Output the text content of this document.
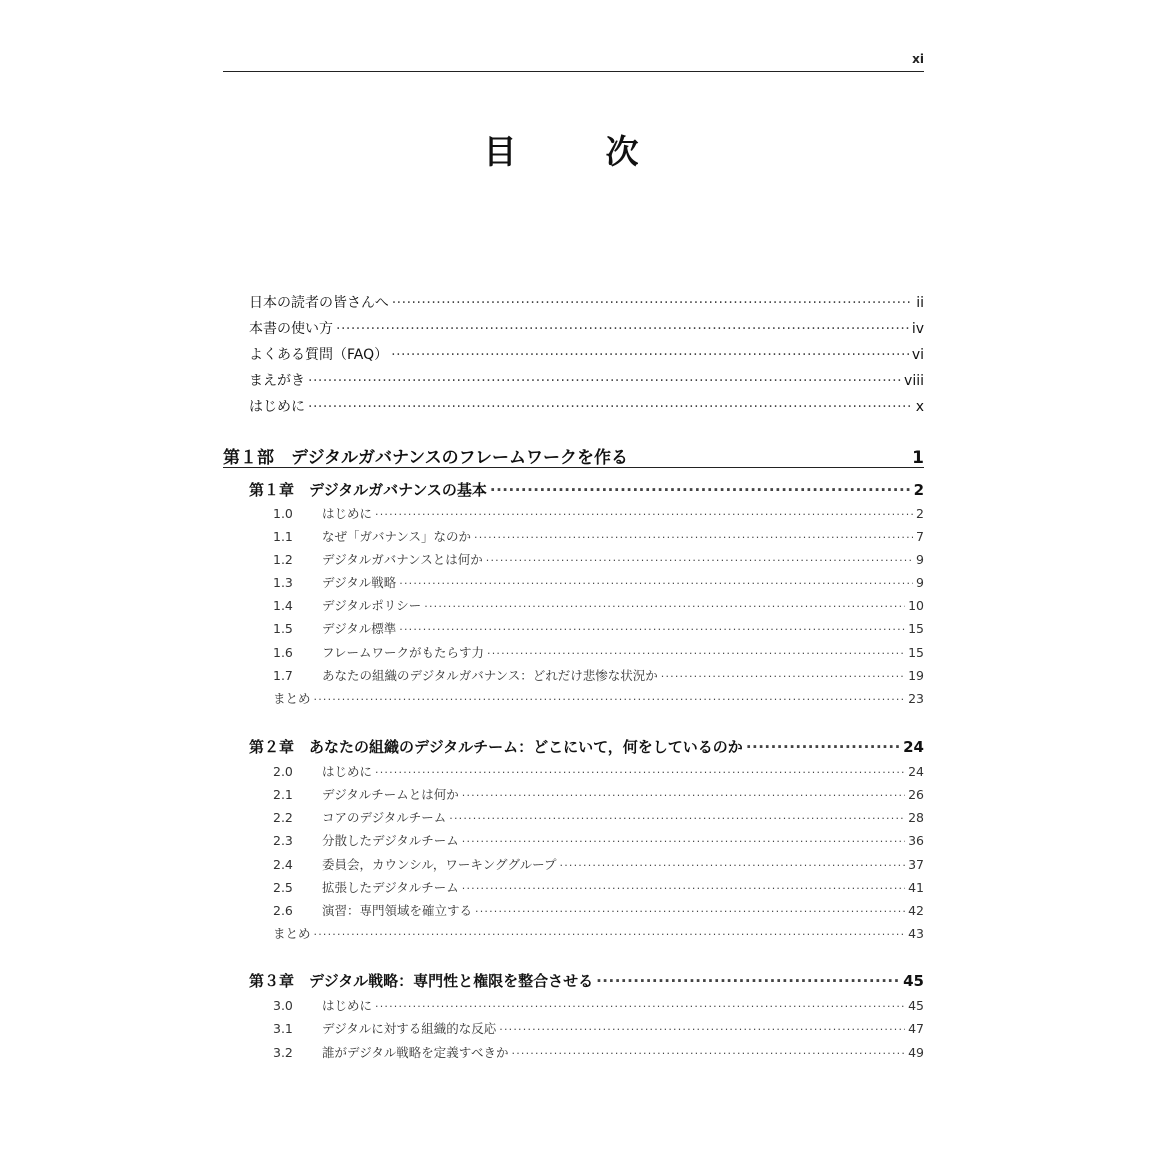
xi
目　次
日本の読者の皆さんへ .....	ii
本書の使い方 .....	iv
よくある質問（FAQ） .....	vi
まえがき .....	viii
はじめに .....	x
第１部　デジタルガバナンスのフレームワークを作る	1
第１章　デジタルガバナンスの基本 .....	2
1.0	はじめに .....	2
1.1	なぜ「ガバナンス」なのか .....	7
1.2	デジタルガバナンスとは何か .....	9
1.3	デジタル戦略 .....	9
1.4	デジタルポリシー .....	10
1.5	デジタル標準 .....	15
1.6	フレームワークがもたらす力 .....	15
1.7	あなたの組織のデジタルガバナンス：どれだけ悲惨な状況か .....	19
まとめ .....	23
第２章　あなたの組織のデジタルチーム：どこにいて，何をしているのか .....	24
2.0	はじめに .....	24
2.1	デジタルチームとは何か .....	26
2.2	コアのデジタルチーム .....	28
2.3	分散したデジタルチーム .....	36
2.4	委員会，カウンシル，ワーキンググループ .....	37
2.5	拡張したデジタルチーム .....	41
2.6	演習：専門領域を確立する .....	42
まとめ .....	43
第３章　デジタル戦略：専門性と権限を整合させる .....	45
3.0	はじめに .....	45
3.1	デジタルに対する組織的な反応 .....	47
3.2	誰がデジタル戦略を定義すべきか .....	49
